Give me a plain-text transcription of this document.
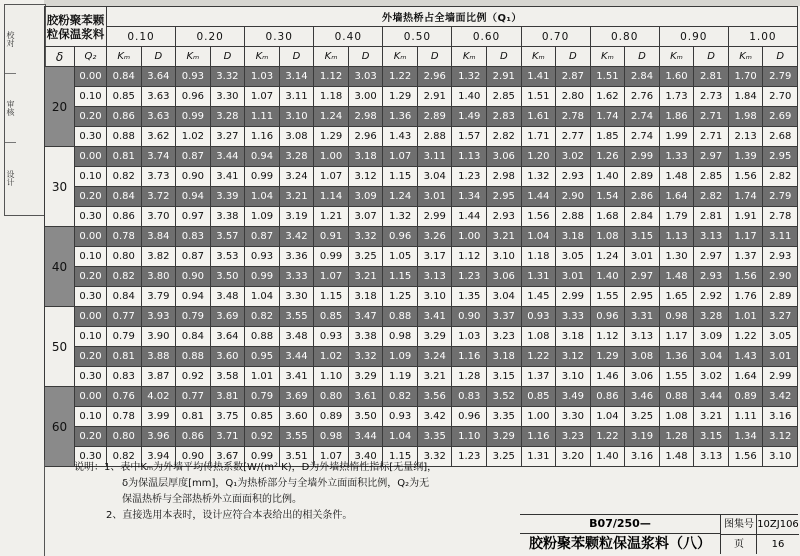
校对
审核
设计
胶粉聚苯颗粒保温浆料		外墙热桥占全墙面比例（Q₁）																			
		0.10		0.20		0.30		0.40		0.50		0.60		0.70		0.80		0.90		1.00	
δ	Q₂	Kₘ	D	Kₘ	D	Kₘ	D	Kₘ	D	Kₘ	D	Kₘ	D	Kₘ	D	Kₘ	D	Kₘ	D	Kₘ	D
20	0.00	0.84	3.64	0.93	3.32	1.03	3.14	1.12	3.03	1.22	2.96	1.32	2.91	1.41	2.87	1.51	2.84	1.60	2.81	1.70	2.79
	0.10	0.85	3.63	0.96	3.30	1.07	3.11	1.18	3.00	1.29	2.91	1.40	2.85	1.51	2.80	1.62	2.76	1.73	2.73	1.84	2.70
	0.20	0.86	3.63	0.99	3.28	1.11	3.10	1.24	2.98	1.36	2.89	1.49	2.83	1.61	2.78	1.74	2.74	1.86	2.71	1.98	2.69
	0.30	0.88	3.62	1.02	3.27	1.16	3.08	1.29	2.96	1.43	2.88	1.57	2.82	1.71	2.77	1.85	2.74	1.99	2.71	2.13	2.68
30	0.00	0.81	3.74	0.87	3.44	0.94	3.28	1.00	3.18	1.07	3.11	1.13	3.06	1.20	3.02	1.26	2.99	1.33	2.97	1.39	2.95
	0.10	0.82	3.73	0.90	3.41	0.99	3.24	1.07	3.12	1.15	3.04	1.23	2.98	1.32	2.93	1.40	2.89	1.48	2.85	1.56	2.82
	0.20	0.84	3.72	0.94	3.39	1.04	3.21	1.14	3.09	1.24	3.01	1.34	2.95	1.44	2.90	1.54	2.86	1.64	2.82	1.74	2.79
	0.30	0.86	3.70	0.97	3.38	1.09	3.19	1.21	3.07	1.32	2.99	1.44	2.93	1.56	2.88	1.68	2.84	1.79	2.81	1.91	2.78
40	0.00	0.78	3.84	0.83	3.57	0.87	3.42	0.91	3.32	0.96	3.26	1.00	3.21	1.04	3.18	1.08	3.15	1.13	3.13	1.17	3.11
	0.10	0.80	3.82	0.87	3.53	0.93	3.36	0.99	3.25	1.05	3.17	1.12	3.10	1.18	3.05	1.24	3.01	1.30	2.97	1.37	2.93
	0.20	0.82	3.80	0.90	3.50	0.99	3.33	1.07	3.21	1.15	3.13	1.23	3.06	1.31	3.01	1.40	2.97	1.48	2.93	1.56	2.90
	0.30	0.84	3.79	0.94	3.48	1.04	3.30	1.15	3.18	1.25	3.10	1.35	3.04	1.45	2.99	1.55	2.95	1.65	2.92	1.76	2.89
50	0.00	0.77	3.93	0.79	3.69	0.82	3.55	0.85	3.47	0.88	3.41	0.90	3.37	0.93	3.33	0.96	3.31	0.98	3.28	1.01	3.27
	0.10	0.79	3.90	0.84	3.64	0.88	3.48	0.93	3.38	0.98	3.29	1.03	3.23	1.08	3.18	1.12	3.13	1.17	3.09	1.22	3.05
	0.20	0.81	3.88	0.88	3.60	0.95	3.44	1.02	3.32	1.09	3.24	1.16	3.18	1.22	3.12	1.29	3.08	1.36	3.04	1.43	3.01
	0.30	0.83	3.87	0.92	3.58	1.01	3.41	1.10	3.29	1.19	3.21	1.28	3.15	1.37	3.10	1.46	3.06	1.55	3.02	1.64	2.99
60	0.00	0.76	4.02	0.77	3.81	0.79	3.69	0.80	3.61	0.82	3.56	0.83	3.52	0.85	3.49	0.86	3.46	0.88	3.44	0.89	3.42
	0.10	0.78	3.99	0.81	3.75	0.85	3.60	0.89	3.50	0.93	3.42	0.96	3.35	1.00	3.30	1.04	3.25	1.08	3.21	1.11	3.16
	0.20	0.80	3.96	0.86	3.71	0.92	3.55	0.98	3.44	1.04	3.35	1.10	3.29	1.16	3.23	1.22	3.19	1.28	3.15	1.34	3.12
	0.30	0.82	3.94	0.90	3.67	0.99	3.51	1.07	3.40	1.15	3.32	1.23	3.25	1.31	3.20	1.40	3.16	1.48	3.13	1.56	3.10
说明：1、表中Kₘ为外墙平均传热系数[W/(m²·K)，D为外墙热惰性指标[无量纲]，
δ为保温层厚度[mm]，Q₁为热桥部分与全墙外立面面积比例，Q₂为无
保温热桥与全部热桥外立面面积的比例。
2、直接选用本表时，设计应符合本表给出的相关条件。
B07/250—
胶粉聚苯颗粒保温浆料（八）
图集号 10ZJ106
页	16
